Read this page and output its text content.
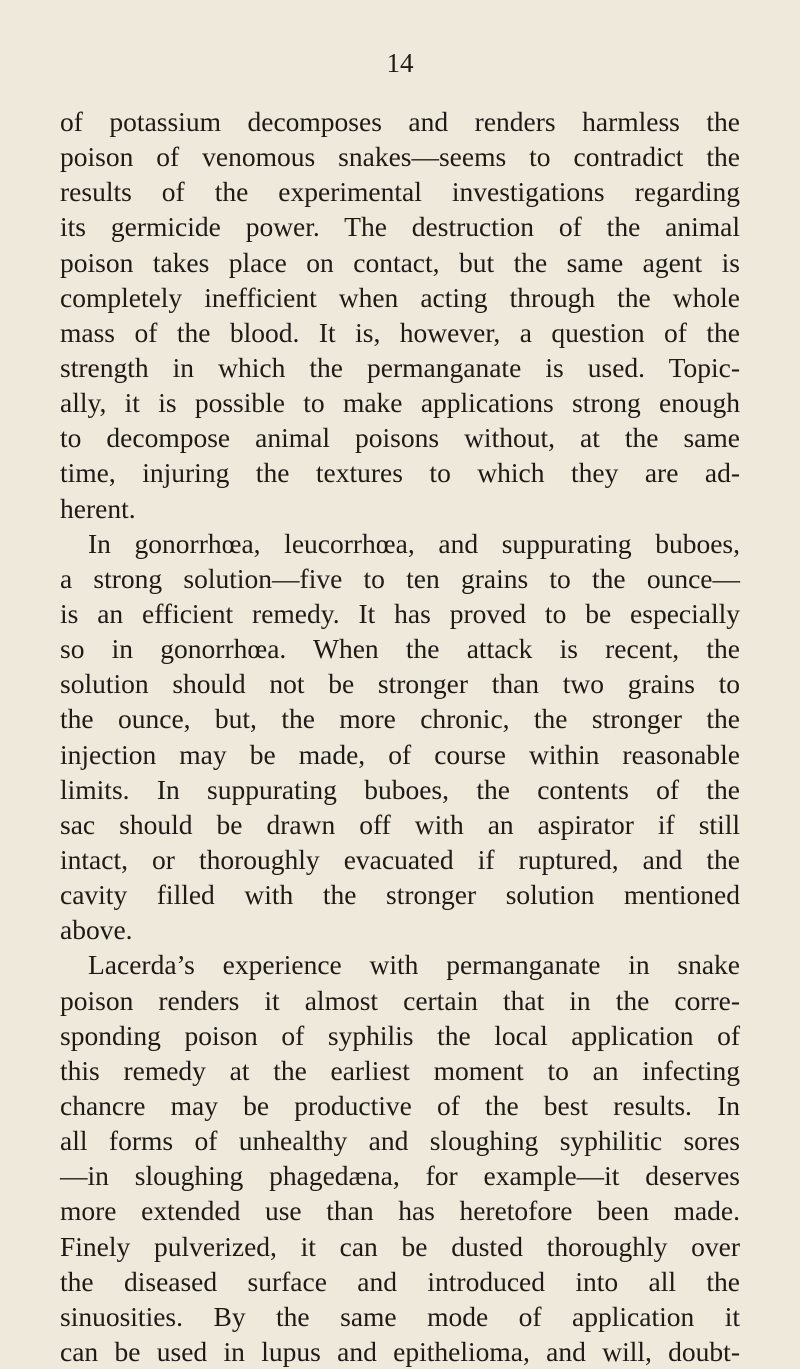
14
of potassium decomposes and renders harmless the
poison of venomous snakes—seems to contradict the
results of the experimental investigations regarding
its germicide power. The destruction of the animal
poison takes place on contact, but the same agent is
completely inefficient when acting through the whole
mass of the blood. It is, however, a question of the
strength in which the permanganate is used. Topic-
ally, it is possible to make applications strong enough
to decompose animal poisons without, at the same
time, injuring the textures to which they are ad-
herent.
In gonorrhœa, leucorrhœa, and suppurating buboes,
a strong solution—five to ten grains to the ounce—
is an efficient remedy. It has proved to be especially
so in gonorrhœa. When the attack is recent, the
solution should not be stronger than two grains to
the ounce, but, the more chronic, the stronger the
injection may be made, of course within reasonable
limits. In suppurating buboes, the contents of the
sac should be drawn off with an aspirator if still
intact, or thoroughly evacuated if ruptured, and the
cavity filled with the stronger solution mentioned
above.
Lacerda’s experience with permanganate in snake
poison renders it almost certain that in the corre-
sponding poison of syphilis the local application of
this remedy at the earliest moment to an infecting
chancre may be productive of the best results. In
all forms of unhealthy and sloughing syphilitic sores
—in sloughing phagedæna, for example—it deserves
more extended use than has heretofore been made.
Finely pulverized, it can be dusted thoroughly over
the diseased surface and introduced into all the
sinuosities. By the same mode of application it
can be used in lupus and epithelioma, and will, doubt-
